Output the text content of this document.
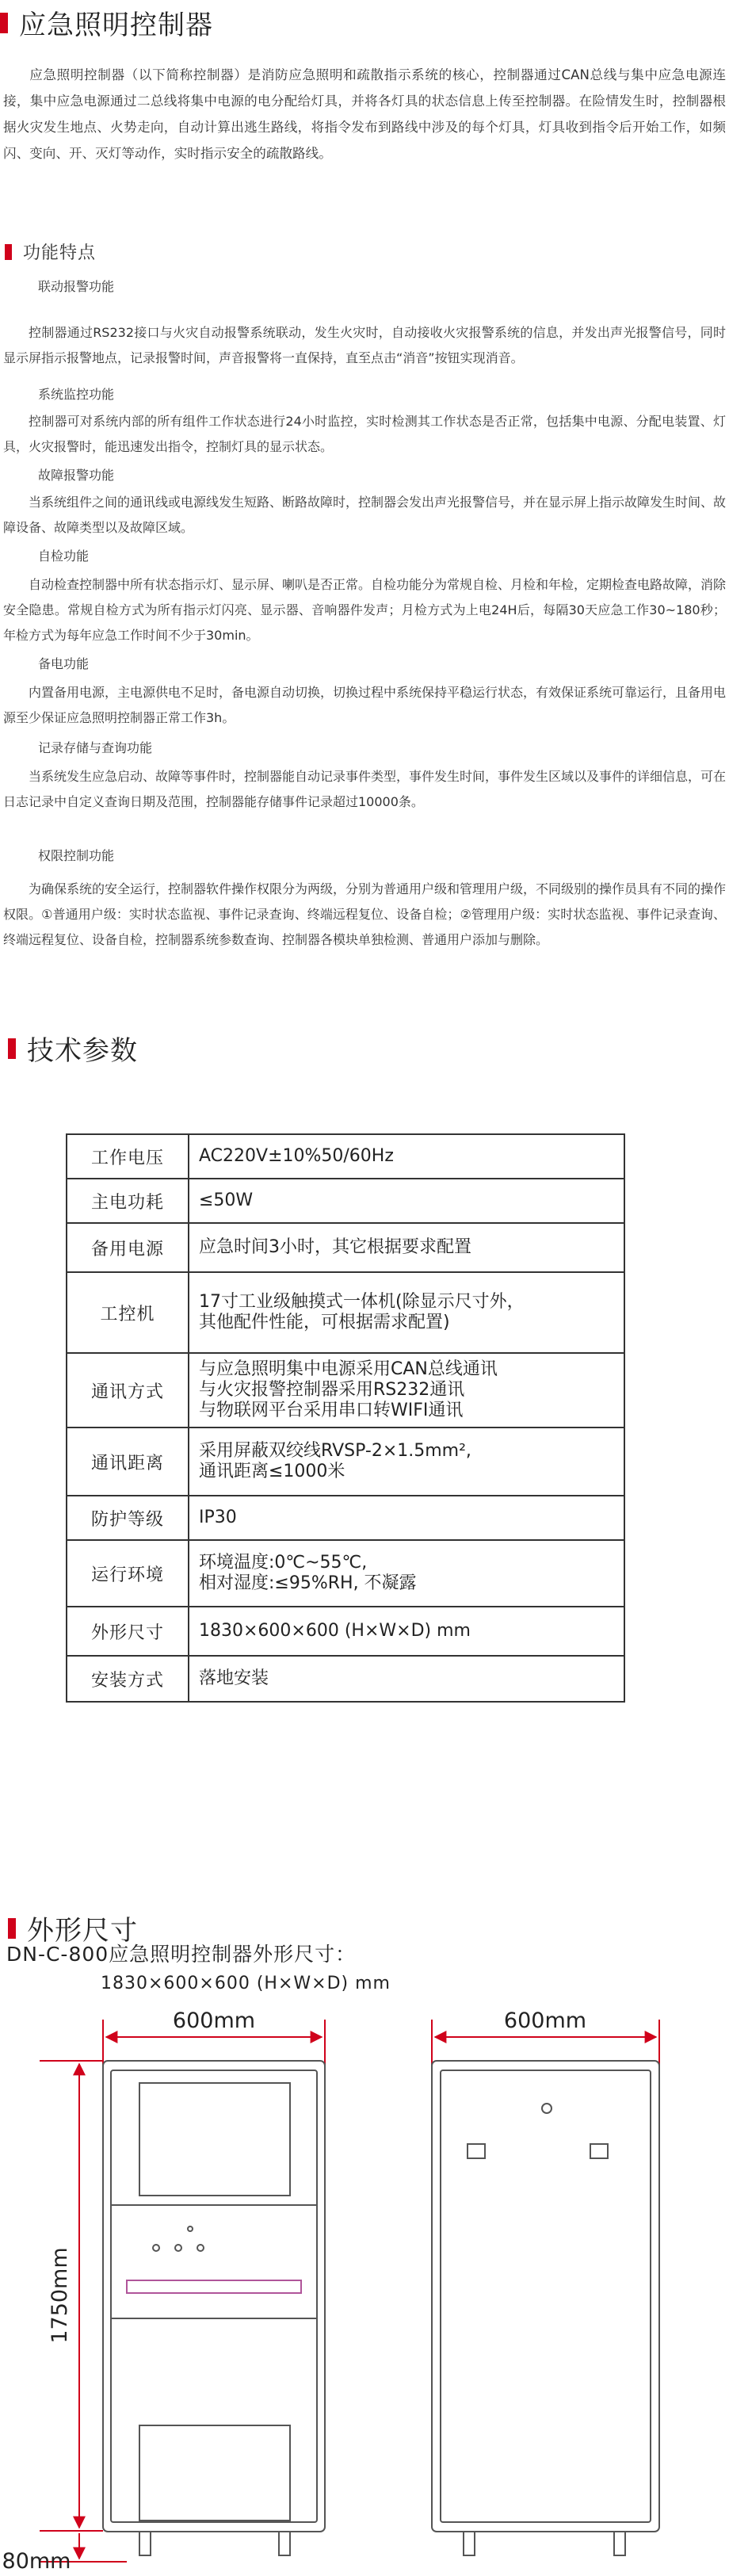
应急照明控制器

应急照明控制器（以下简称控制器）是消防应急照明和疏散指示系统的核心，控制器通过CAN总线与集中应急电源连接，集中应急电源通过二总线将集中电源的电分配给灯具，并将各灯具的状态信息上传至控制器。在险情发生时，控制器根据火灾发生地点、火势走向，自动计算出逃生路线，将指令发布到路线中涉及的每个灯具，灯具收到指令后开始工作，如频闪、变向、开、灭灯等动作，实时指示安全的疏散路线。

功能特点

联动报警功能

控制器通过RS232接口与火灾自动报警系统联动，发生火灾时，自动接收火灾报警系统的信息，并发出声光报警信号，同时显示屏指示报警地点，记录报警时间，声音报警将一直保持，直至点击“消音”按钮实现消音。

系统监控功能

控制器可对系统内部的所有组件工作状态进行24小时监控，实时检测其工作状态是否正常，包括集中电源、分配电装置、灯具，火灾报警时，能迅速发出指令，控制灯具的显示状态。

故障报警功能

当系统组件之间的通讯线或电源线发生短路、断路故障时，控制器会发出声光报警信号，并在显示屏上指示故障发生时间、故障设备、故障类型以及故障区域。

自检功能

自动检查控制器中所有状态指示灯、显示屏、喇叭是否正常。自检功能分为常规自检、月检和年检，定期检查电路故障，消除安全隐患。常规自检方式为所有指示灯闪亮、显示器、音响器件发声；月检方式为上电24H后，每隔30天应急工作30~180秒；年检方式为每年应急工作时间不少于30min。

备电功能

内置备用电源，主电源供电不足时，备电源自动切换，切换过程中系统保持平稳运行状态，有效保证系统可靠运行，且备用电源至少保证应急照明控制器正常工作3h。

记录存储与查询功能

当系统发生应急启动、故障等事件时，控制器能自动记录事件类型，事件发生时间，事件发生区域以及事件的详细信息，可在日志记录中自定义查询日期及范围，控制器能存储事件记录超过10000条。

权限控制功能

为确保系统的安全运行，控制器软件操作权限分为两级，分别为普通用户级和管理用户级，不同级别的操作员具有不同的操作权限。①普通用户级：实时状态监视、事件记录查询、终端远程复位、设备自检；②管理用户级：实时状态监视、事件记录查询、终端远程复位、设备自检，控制器系统参数查询、控制器各模块单独检测、普通用户添加与删除。

技术参数
工作电压	AC220V±10%50/60Hz

主电功耗	≤50W

备用电源	应急时间3小时，其它根据要求配置

工控机	17寸工业级触摸式一体机(除显示尺寸外，
其他配件性能，可根据需求配置)

通讯方式	与应急照明集中电源采用CAN总线通讯
与火灾报警控制器采用RS232通讯
与物联网平台采用串口转WIFI通讯

通讯距离	采用屏蔽双绞线RVSP-2×1.5mm²,
通讯距离≤1000米

防护等级	IP30

运行环境	环境温度:0℃~55℃,
相对湿度:≤95%RH, 不凝露

外形尺寸	1830×600×600 (H×W×D) mm

安装方式	落地安装
外形尺寸

DN-C-800应急照明控制器外形尺寸：

1830×600×600 (H×W×D) mm

600mm	600mm
1750mm
80mm
